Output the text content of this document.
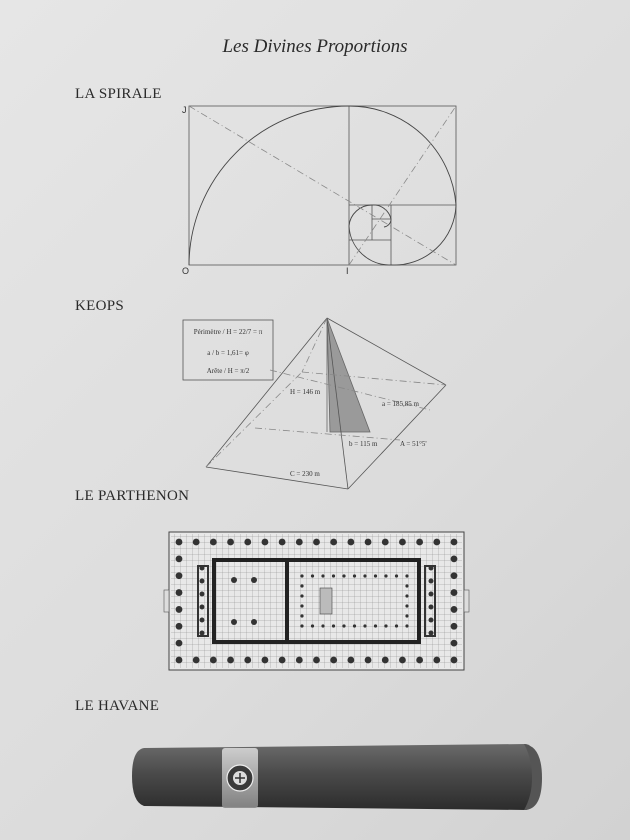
Les Divines Proportions
LA SPIRALE
J
O	I
KEOPS
Périmètre / H = 22/7 = π
a / b = 1,61= φ
Arête / H = π/2
H = 146 m
a = 185,85 m
b = 115 m	A = 51°5'
C = 230 m
LE PARTHENON
LE HAVANE
